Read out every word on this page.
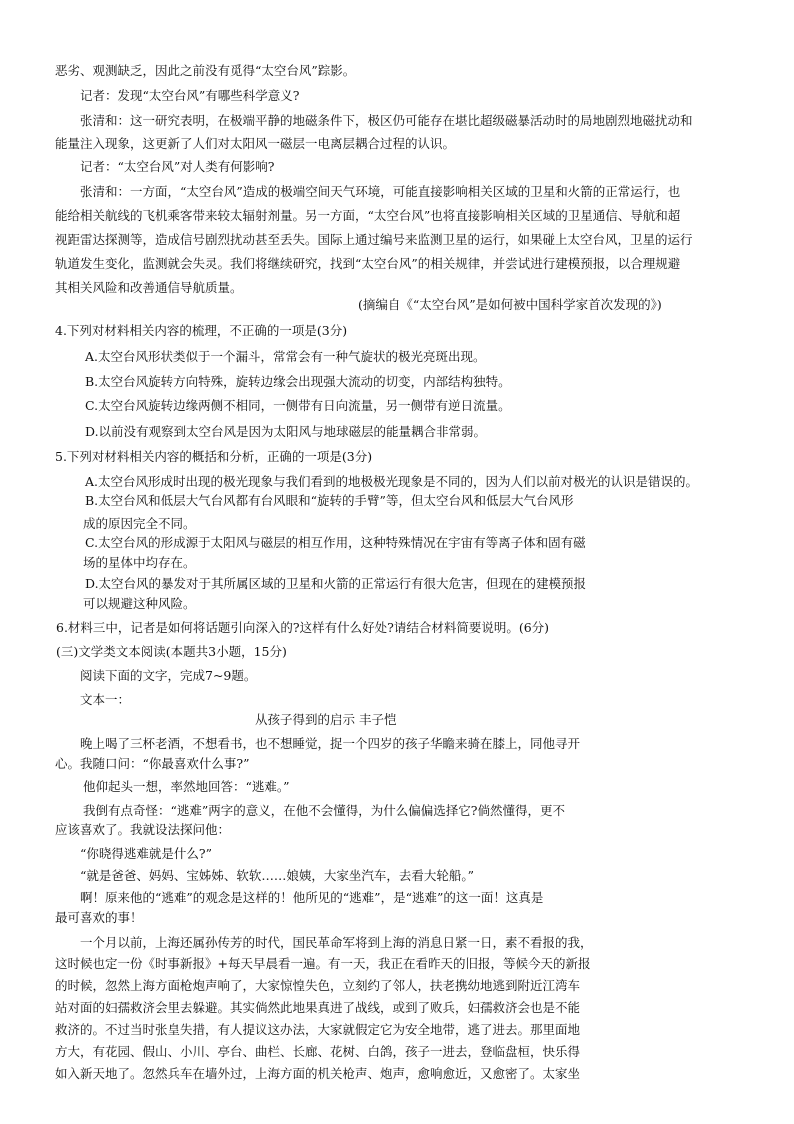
恶劣、观测缺乏，因此之前没有觅得“太空台风”踪影。
记者：发现“太空台风”有哪些科学意义?
张清和：这一研究表明，在极端平静的地磁条件下，极区仍可能存在堪比超级磁暴活动时的局地剧烈地磁扰动和
能量注入现象，这更新了人们对太阳风一磁层一电离层耦合过程的认识。
记者：“太空台风”对人类有何影响?
张清和：一方面，“太空台风”造成的极端空间天气环境，可能直接影响相关区域的卫星和火箭的正常运行，也
能给相关航线的飞机乘客带来较太辐射剂量。另一方面，“太空台风”也将直接影响相关区域的卫星通信、导航和超
视距雷达探测等，造成信号剧烈扰动甚至丢失。国际上通过编号来监测卫星的运行，如果碰上太空台风，卫星的运行
轨道发生变化，监测就会失灵。我们将继续研究，找到“太空台风”的相关规律，并尝试进行建模预报，以合理规避
其相关风险和改善通信导航质量。
(摘编自《“太空台风”是如何被中国科学家首次发现的》)
4.下列对材料相关内容的梳理，不正确的一项是(3分)
A.太空台风形状类似于一个漏斗，常常会有一种气旋状的极光亮斑出现。
B.太空台风旋转方向特殊，旋转边缘会出现强大流动的切变，内部结构独特。
C.太空台风旋转边缘两侧不相同，一侧带有日向流量，另一侧带有逆日流量。
D.以前没有观察到太空台风是因为太阳风与地球磁层的能量耦合非常弱。
5.下列对材料相关内容的概括和分析，正确的一项是(3分)
A.太空台风形成时出现的极光现象与我们看到的地极极光现象是不同的，因为人们以前对极光的认识是错误的。
B.太空台风和低层大气台风都有台风眼和“旋转的手臂”等，但太空台风和低层大气台风形
成的原因完全不同。
C.太空台风的形成源于太阳风与磁层的相互作用，这种特殊情况在宇宙有等离子体和固有磁
场的星体中均存在。
D.太空台风的暴发对于其所属区域的卫星和火箭的正常运行有很大危害，但现在的建模预报
可以规避这种风险。
6.材料三中，记者是如何将话题引向深入的?这样有什么好处?请结合材料简要说明。(6分)
(三)文学类文本阅读(本题共3小题，15分)
阅读下面的文字，完成7~9题。
文本一：
从孩子得到的启示 丰子恺
晚上喝了三杯老酒，不想看书，也不想睡觉，捉一个四岁的孩子华瞻来骑在膝上，同他寻开
心。我随口问：“你最喜欢什么事?”
他仰起头一想，率然地回答：“逃难。”
我倒有点奇怪：“逃难”两字的意义，在他不会懂得，为什么偏偏选择它?倘然懂得，更不
应该喜欢了。我就设法探问他：
“你晓得逃难就是什么?”
“就是爸爸、妈妈、宝姊姊、软软……娘姨，大家坐汽车，去看大轮船。”
啊！原来他的“逃难”的观念是这样的！他所见的“逃难”，是“逃难”的这一面！这真是
最可喜欢的事！
一个月以前，上海还属孙传芳的时代，国民革命军将到上海的消息日紧一日，素不看报的我，
这时候也定一份《时事新报》+每天早晨看一遍。有一天，我正在看昨天的旧报，等候今天的新报
的时候，忽然上海方面枪炮声响了，大家惊惶失色，立刻约了邻人，扶老携幼地逃到附近江湾车
站对面的妇孺救济会里去躲避。其实倘然此地果真进了战线，或到了败兵，妇孺救济会也是不能
救济的。不过当时张皇失措，有人提议这办法，大家就假定它为安全地带，逃了进去。那里面地
方大，有花园、假山、小川、亭台、曲栏、长廊、花树、白鸽，孩子一进去，登临盘桓，快乐得
如入新天地了。忽然兵车在墙外过，上海方面的机关枪声、炮声，愈响愈近，又愈密了。太家坐
